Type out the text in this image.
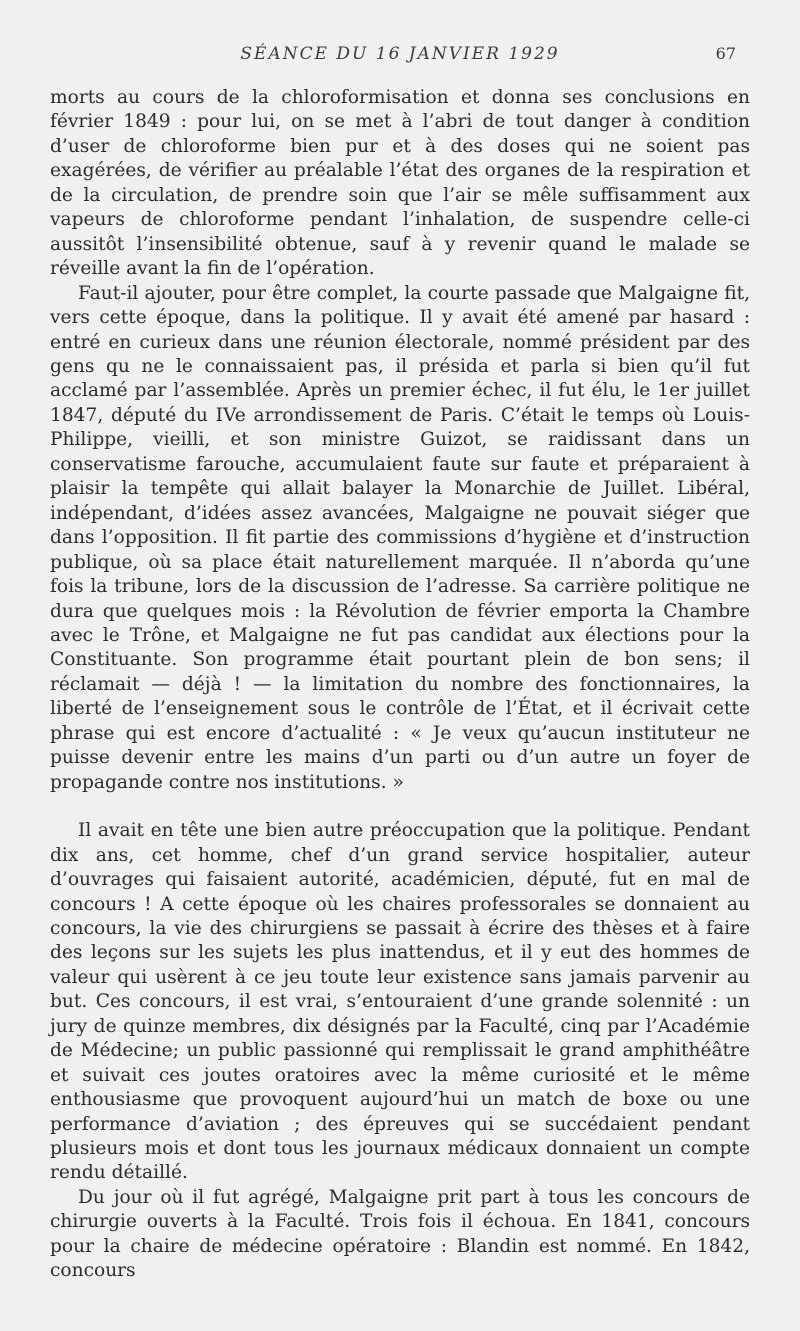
SÉANCE DU 16 JANVIER 1929	67

morts au cours de la chloroformisation et donna ses conclusions en février 1849 : pour lui, on se met à l’abri de tout danger à condition d’user de chloroforme bien pur et à des doses qui ne soient pas exagérées, de vérifier au préalable l’état des organes de la respiration et de la circulation, de prendre soin que l’air se mêle suffisamment aux vapeurs de chloroforme pendant l’inhalation, de suspendre celle-ci aussitôt l’insensibilité obtenue, sauf à y revenir quand le malade se réveille avant la fin de l’opération.

Faut-il ajouter, pour être complet, la courte passade que Malgaigne fit, vers cette époque, dans la politique. Il y avait été amené par hasard : entré en curieux dans une réunion électorale, nommé président par des gens qu ne le connaissaient pas, il présida et parla si bien qu’il fut acclamé par l’assemblée. Après un premier échec, il fut élu, le 1er juillet 1847, député du IVe arrondissement de Paris. C’était le temps où Louis-Philippe, vieilli, et son ministre Guizot, se raidissant dans un conservatisme farouche, accumulaient faute sur faute et préparaient à plaisir la tempête qui allait balayer la Monarchie de Juillet. Libéral, indépendant, d’idées assez avancées, Malgaigne ne pouvait siéger que dans l’opposition. Il fit partie des commissions d’hygiène et d’instruction publique, où sa place était naturellement marquée. Il n’aborda qu’une fois la tribune, lors de la discussion de l’adresse. Sa carrière politique ne dura que quelques mois : la Révolution de février emporta la Chambre avec le Trône, et Malgaigne ne fut pas candidat aux élections pour la Constituante. Son programme était pourtant plein de bon sens; il réclamait — déjà ! — la limitation du nombre des fonctionnaires, la liberté de l’enseignement sous le contrôle de l’État, et il écrivait cette phrase qui est encore d’actualité : « Je veux qu’aucun instituteur ne puisse devenir entre les mains d’un parti ou d’un autre un foyer de propagande contre nos institutions. »

Il avait en tête une bien autre préoccupation que la politique. Pendant dix ans, cet homme, chef d’un grand service hospitalier, auteur d’ouvrages qui faisaient autorité, académicien, député, fut en mal de concours ! A cette époque où les chaires professorales se donnaient au concours, la vie des chirurgiens se passait à écrire des thèses et à faire des leçons sur les sujets les plus inattendus, et il y eut des hommes de valeur qui usèrent à ce jeu toute leur existence sans jamais parvenir au but. Ces concours, il est vrai, s’entouraient d’une grande solennité : un jury de quinze membres, dix désignés par la Faculté, cinq par l’Académie de Médecine; un public passionné qui remplissait le grand amphithéâtre et suivait ces joutes oratoires avec la même curiosité et le même enthousiasme que provoquent aujourd’hui un match de boxe ou une performance d’aviation ; des épreuves qui se succédaient pendant plusieurs mois et dont tous les journaux médicaux donnaient un compte rendu détaillé.

Du jour où il fut agrégé, Malgaigne prit part à tous les concours de chirurgie ouverts à la Faculté. Trois fois il échoua. En 1841, concours pour la chaire de médecine opératoire : Blandin est nommé. En 1842, concours
